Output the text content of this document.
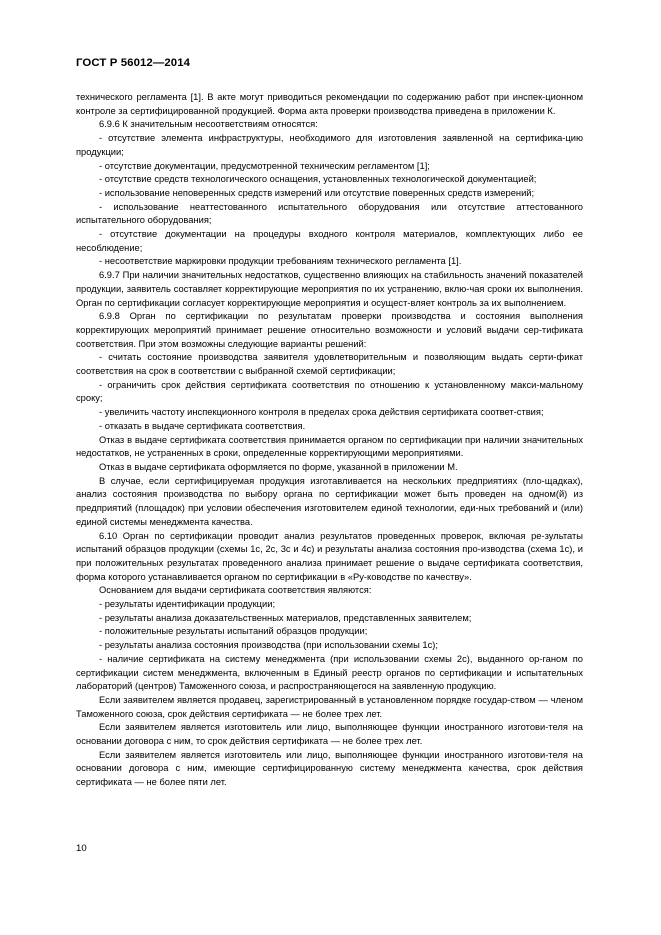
ГОСТ Р 56012—2014

технического регламента [1]. В акте могут приводиться рекомендации по содержанию работ при инспек-ционном контроле за сертифицированной продукцией. Форма акта проверки производства приведена в приложении К.

6.9.6 К значительным несоответствиям относятся:

- отсутствие элемента инфраструктуры, необходимого для изготовления заявленной на сертифика-цию продукции;

- отсутствие документации, предусмотренной техническим регламентом [1];

- отсутствие средств технологического оснащения, установленных технологической документацией;

- использование неповеренных средств измерений или отсутствие поверенных средств измерений;

- использование неаттестованного испытательного оборудования или отсутствие аттестованного испытательного оборудования;

- отсутствие документации на процедуры входного контроля материалов, комплектующих либо ее несоблюдение;

- несоответствие маркировки продукции требованиям технического регламента [1].

6.9.7 При наличии значительных недостатков, существенно влияющих на стабильность значений показателей продукции, заявитель составляет корректирующие мероприятия по их устранению, вклю-чая сроки их выполнения. Орган по сертификации согласует корректирующие мероприятия и осущест-вляет контроль за их выполнением.

6.9.8 Орган по сертификации по результатам проверки производства и состояния выполнения корректирующих мероприятий принимает решение относительно возможности и условий выдачи сер-тификата соответствия. При этом возможны следующие варианты решений:

- считать состояние производства заявителя удовлетворительным и позволяющим выдать серти-фикат соответствия на срок в соответствии с выбранной схемой сертификации;

- ограничить срок действия сертификата соответствия по отношению к установленному макси-мальному сроку;

- увеличить частоту инспекционного контроля в пределах срока действия сертификата соответ-ствия;

- отказать в выдаче сертификата соответствия.

Отказ в выдаче сертификата соответствия принимается органом по сертификации при наличии значительных недостатков, не устраненных в сроки, определенные корректирующими мероприятиями.

Отказ в выдаче сертификата оформляется по форме, указанной в приложении М.

В случае, если сертифицируемая продукция изготавливается на нескольких предприятиях (пло-щадках), анализ состояния производства по выбору органа по сертификации может быть проведен на одном(й) из предприятий (площадок) при условии обеспечения изготовителем единой технологии, еди-ных требований и (или) единой системы менеджмента качества.

6.10 Орган по сертификации проводит анализ результатов проведенных проверок, включая ре-зультаты испытаний образцов продукции (схемы 1с, 2с, 3с и 4с) и результаты анализа состояния про-изводства (схема 1с), и при положительных результатах проведенного анализа принимает решение о выдаче сертификата соответствия, форма которого устанавливается органом по сертификации в «Ру-ководстве по качеству».

Основанием для выдачи сертификата соответствия являются:

- результаты идентификации продукции;

- результаты анализа доказательственных материалов, представленных заявителем;

- положительные результаты испытаний образцов продукции;

- результаты анализа состояния производства (при использовании схемы 1с);

- наличие сертификата на систему менеджмента (при использовании схемы 2с), выданного ор-ганом по сертификации систем менеджмента, включенным в Единый реестр органов по сертификации и испытательных лабораторий (центров) Таможенного союза, и распространяющегося на заявленную продукцию.

Если заявителем является продавец, зарегистрированный в установленном порядке государ-ством — членом Таможенного союза, срок действия сертификата — не более трех лет.

Если заявителем является изготовитель или лицо, выполняющее функции иностранного изготови-теля на основании договора с ним, то срок действия сертификата — не более трех лет.

Если заявителем является изготовитель или лицо, выполняющее функции иностранного изготови-теля на основании договора с ним, имеющие сертифицированную систему менеджмента качества, срок действия сертификата — не более пяти лет.

10
